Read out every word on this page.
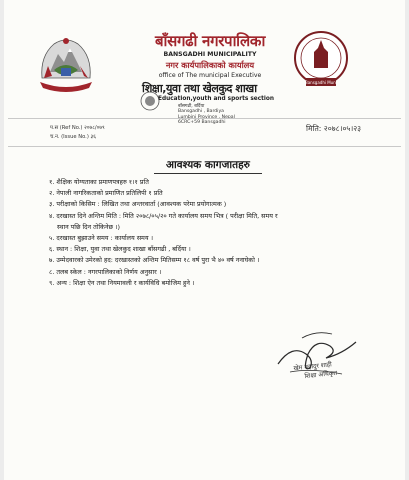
बाँसगढी नगरपालिका
BANSGADHI MUNICIPALITY
नगर कार्यपालिकाको कार्यालय
office of The municipal Executive
शिक्षा,युवा तथा खेलकुद शाखा
Education,youth and sports section
बाँसगढी, बर्दिया
Bansgadhi , Bardiya
6CRC+59 Bansgadhi
Bansgadhi Mun.
प.स (Ref No.) २०७८/०७९
च.न. (Issue No.) ३६
मिति: २०७८।०५।२३
आवश्यक कागजातहरु
१. शैक्षिक योग्यताका प्रमाणपत्रहरु १।१ प्रति
२. नेपाली नागरिकताको प्रमाणित प्रतिलिपी १ प्रति
३. परीक्षाको किसिम : लिखित तथा अन्तरवार्ता (आवश्यक परेमा प्रयोगात्मक )
४. दरखास्त दिने अन्तिम मिति : मिति २०७८/०५/२० गते कार्यालय समय भित्र ( परीक्षा मिति, समय र
स्थान पछि दिन तोकिनेछ ।)
५. दरखास्त बुझाउने समय : कार्यालय समय ।
६. स्थान : शिक्षा, युवा तथा खेलकुद शाखा बाँसगढी , बर्दिया ।
७. उम्मेदवारको उमेरको हद: दरखास्तको अन्तिम मितिसम्म १८ वर्ष पुरा भै ४० वर्ष ननाघेको ।
८. तलब स्केल : नगरपालिकाको निर्णय अनुसार ।
९. अन्य : शिक्षा ऐन तथा नियमावली र कार्यविधि बमोजिम हुने ।
खेम बहादुर शाही
शिक्षा अधिकृत
